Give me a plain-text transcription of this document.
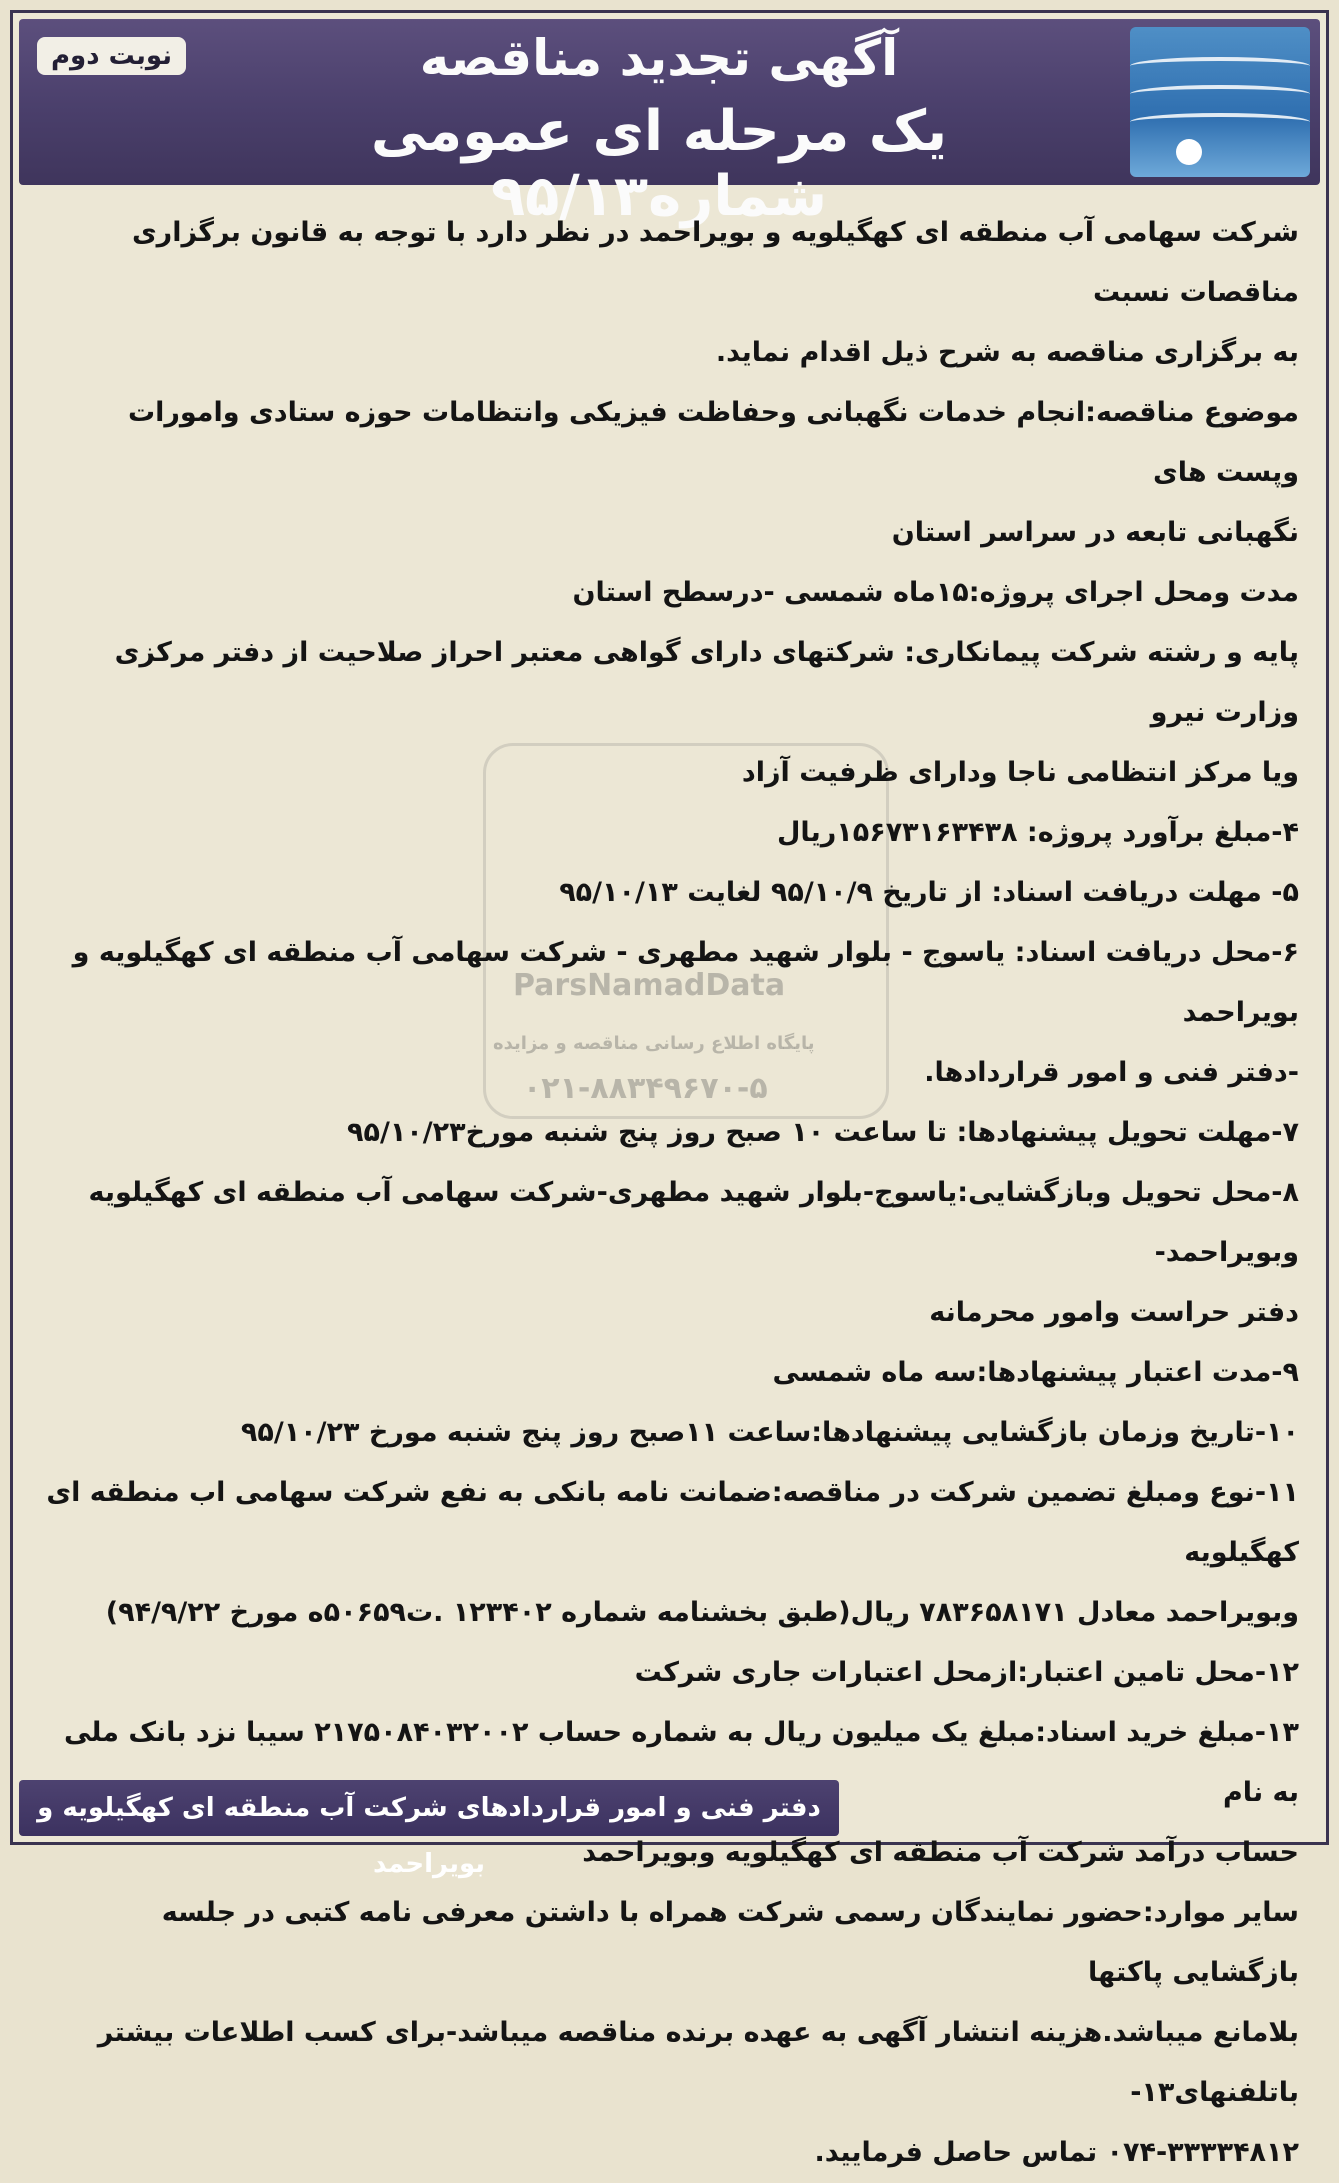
نوبت دوم	آگهی تجدید مناقصه
یک مرحله ای عمومی شماره۹۵/۱۳
ParsNamadData
پایگاه اطلاع رسانی مناقصه و مزایده
۰۲۱-۸۸۳۴۹۶۷۰-۵

شرکت سهامی آب منطقه ای کهگیلویه و بویراحمد در نظر دارد با توجه به قانون برگزاری مناقصات نسبت

به برگزاری مناقصه به شرح ذیل اقدام نماید.

موضوع مناقصه:انجام خدمات نگهبانی وحفاظت فیزیکی وانتظامات حوزه ستادی وامورات وپست های

نگهبانی تابعه در سراسر استان

مدت ومحل اجرای پروژه:۱۵ماه شمسی -درسطح استان

پایه و رشته شرکت پیمانکاری: شرکتهای دارای گواهی معتبر احراز صلاحیت از دفتر مرکزی وزارت نیرو

ویا مرکز انتظامی ناجا ودارای ظرفیت آزاد

۴-مبلغ برآورد پروژه: ۱۵۶۷۳۱۶۳۴۳۸ریال

۵- مهلت دریافت اسناد: از تاریخ ۹۵/۱۰/۹ لغایت ۹۵/۱۰/۱۳

۶-محل دریافت اسناد: یاسوج - بلوار شهید مطهری - شرکت سهامی آب منطقه ای کهگیلویه و بویراحمد

-دفتر فنی و امور قراردادها.

۷-مهلت تحویل پیشنهادها: تا ساعت ۱۰ صبح روز پنج شنبه مورخ۹۵/۱۰/۲۳

۸-محل تحویل وبازگشایی:یاسوج-بلوار شهید مطهری-شرکت سهامی آب منطقه ای کهگیلویه وبویراحمد-

دفتر حراست وامور محرمانه

۹-مدت اعتبار پیشنهادها:سه ماه شمسی

۱۰-تاریخ وزمان بازگشایی پیشنهادها:ساعت ۱۱صبح روز پنج شنبه مورخ ۹۵/۱۰/۲۳

۱۱-نوع ومبلغ تضمین شرکت در مناقصه:ضمانت نامه بانکی به نفع شرکت سهامی اب منطقه ای کهگیلویه

وبویراحمد معادل ۷۸۳۶۵۸۱۷۱ ریال(طبق بخشنامه شماره ۱۲۳۴۰۲ .ت۵۰۶۵۹ه مورخ ۹۴/۹/۲۲)

۱۲-محل تامین اعتبار:ازمحل اعتبارات جاری شرکت

۱۳-مبلغ خرید اسناد:مبلغ یک میلیون ریال به شماره حساب ۲۱۷۵۰۸۴۰۳۲۰۰۲ سیبا نزد بانک ملی به نام

حساب درآمد شرکت آب منطقه ای کهگیلویه وبویراحمد

سایر موارد:حضور نمایندگان رسمی شرکت همراه با داشتن معرفی نامه کتبی در جلسه بازگشایی پاکتها

بلامانع میباشد.هزینه انتشار آگهی به عهده برنده مناقصه میباشد-برای کسب اطلاعات بیشتر باتلفنهای۱۳-

۰۷۴-۳۳۳۳۴۸۱۲ تماس حاصل فرمایید.

دفتر فنی و امور قراردادهای شرکت آب منطقه ای کهگیلویه و بویراحمد
